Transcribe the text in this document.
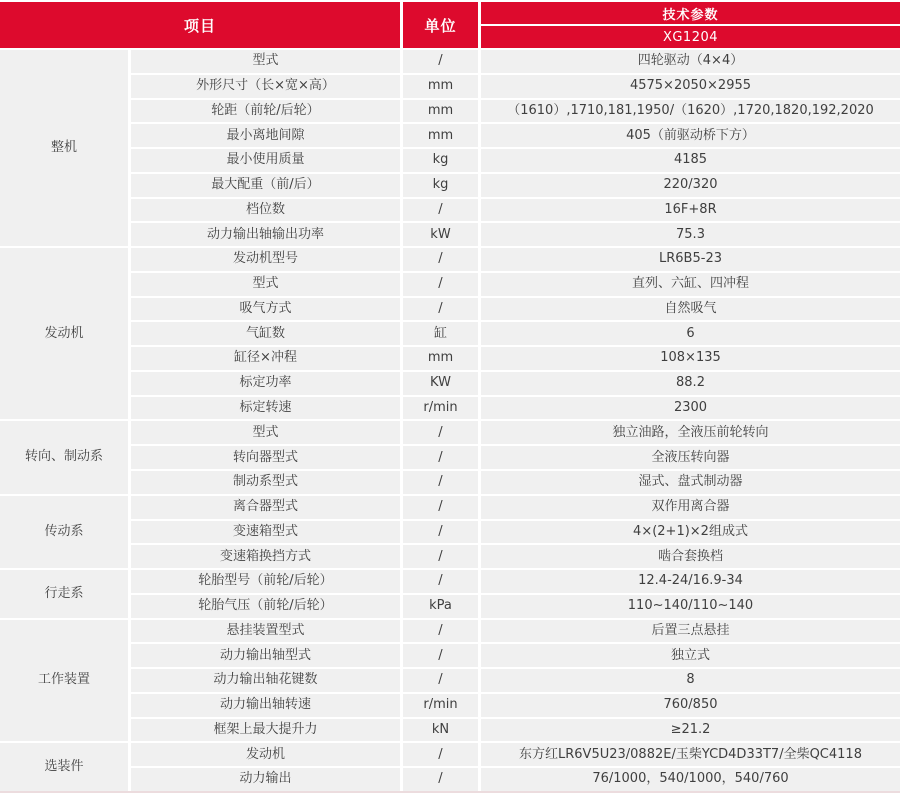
项目	单位
技术参数
XG1204
整机
型式	/	四轮驱动（4×4）
外形尺寸（长×宽×高）	mm	4575×2050×2955
轮距（前轮/后轮）	mm	（1610）,1710,181,1950/（1620）,1720,1820,192,2020
最小离地间隙	mm	405（前驱动桥下方）
最小使用质量	kg	4185
最大配重（前/后）	kg	220/320
档位数	/	16F+8R
动力输出轴输出功率	kW	75.3
发动机
发动机型号	/	LR6B5-23
型式	/	直列、六缸、四冲程
吸气方式	/	自然吸气
气缸数	缸	6
缸径×冲程	mm	108×135
标定功率	KW	88.2
标定转速	r/min	2300
转向、制动系
型式	/	独立油路，全液压前轮转向
转向器型式	/	全液压转向器
制动系型式	/	湿式、盘式制动器
传动系
离合器型式	/	双作用离合器
变速箱型式	/	4×(2+1)×2组成式
变速箱换挡方式	/	啮合套换档
行走系
轮胎型号（前轮/后轮）	/	12.4-24/16.9-34
轮胎气压（前轮/后轮）	kPa	110~140/110~140
工作装置
悬挂装置型式	/	后置三点悬挂
动力输出轴型式	/	独立式
动力输出轴花键数	/	8
动力输出轴转速	r/min	760/850
框架上最大提升力	kN	≥21.2
选装件
发动机	/	东方红LR6V5U23/0882E/玉柴YCD4D33T7/全柴QC4118
动力输出	/	76/1000，540/1000，540/760
